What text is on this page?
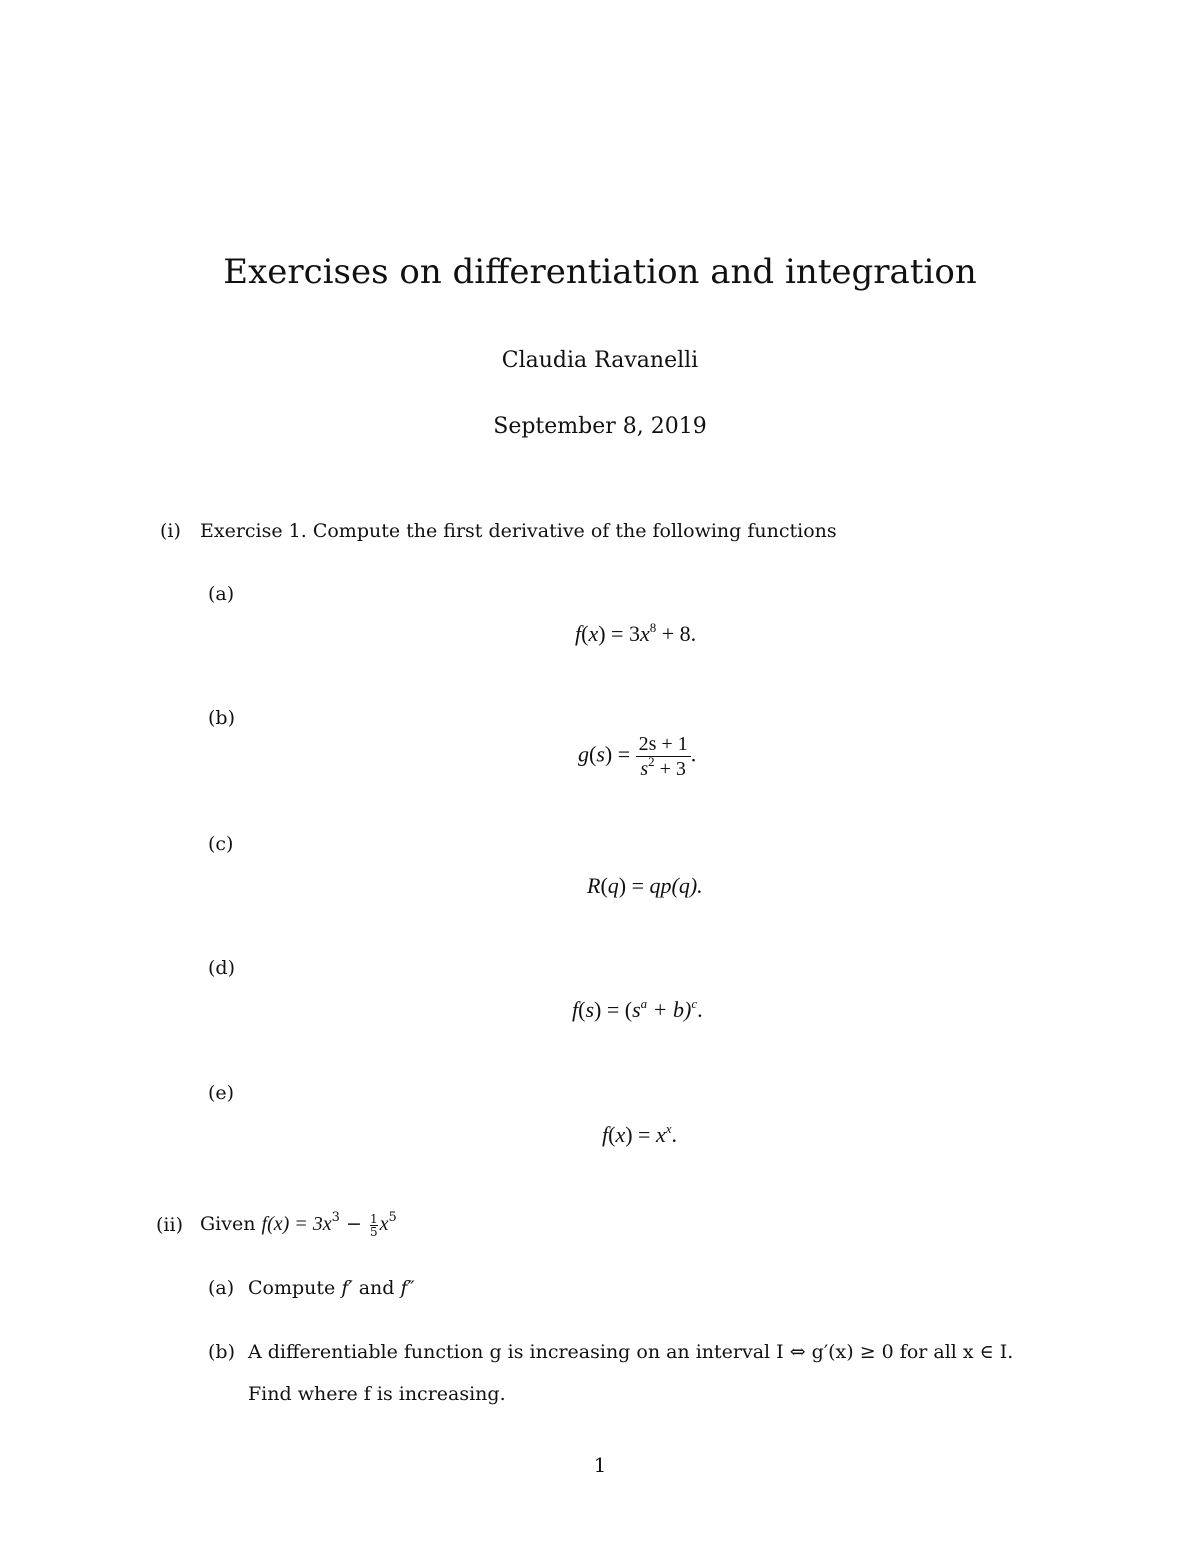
Exercises on differentiation and integration
Claudia Ravanelli
September 8, 2019
(i) Exercise 1. Compute the first derivative of the following functions
(a)
$f(x) = 3x^8 + 8$.
(b)
$g(s) = \frac{2s + 1}{s^2 + 3}$ .
(c)
R(q) = qp(q).
(d)
$f(s) = (s^a + b)^c$.
(e)
$f(x) = x^x$.
(ii) Given $f(x) = 3x^3 - \frac{1}{5} x^5$
(a) Compute f′ and f″
(b) A differentiable function g is increasing on an interval I ⇔ g′(x) ≥ 0 for all x ∈ I.
Find where f is increasing.
1
